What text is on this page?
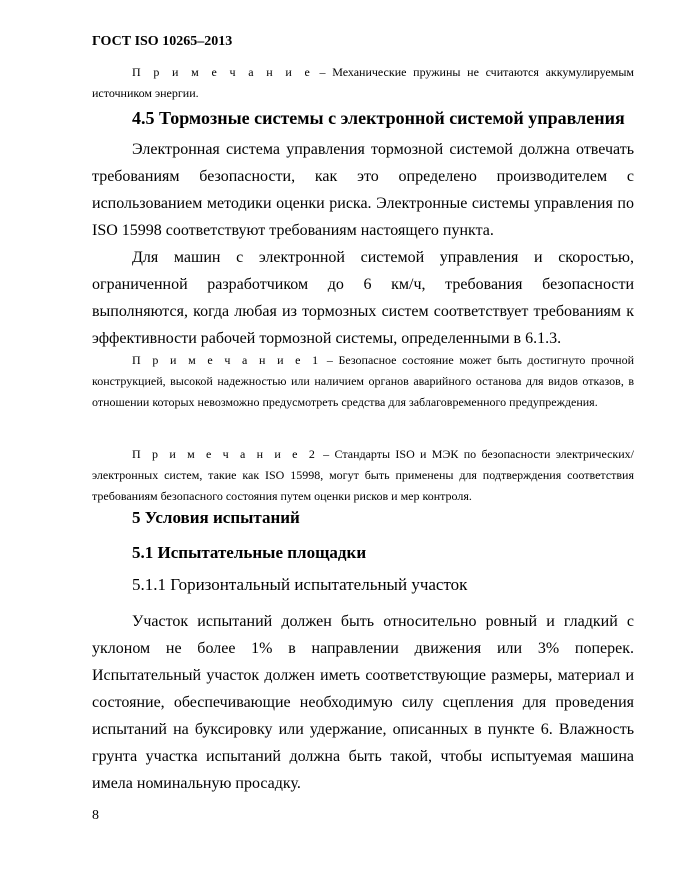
ГОСТ ISO 10265–2013
П р и м е ч а н и е – Механические пружины не считаются аккумулируемым источником энергии.
4.5 Тормозные системы с электронной системой управления
Электронная система управления тормозной системой должна отвечать требованиям безопасности, как это определено производителем с использованием методики оценки риска. Электронные системы управления по ISO 15998 соответствуют требованиям настоящего пункта.
Для машин с электронной системой управления и скоростью, ограниченной разработчиком до 6 км/ч, требования безопасности выполняются, когда любая из тормозных систем соответствует требованиям к эффективности рабочей тормозной системы, определенными в 6.1.3.
П р и м е ч а н и е 1 – Безопасное состояние может быть достигнуто прочной конструкцией, высокой надежностью или наличием органов аварийного останова для видов отказов, в отношении которых невозможно предусмотреть средства для заблаговременного предупреждения.
П р и м е ч а н и е 2 – Стандарты ISO и МЭК по безопасности электрических/электронных систем, такие как ISO 15998, могут быть применены для подтверждения соответствия требованиям безопасного состояния путем оценки рисков и мер контроля.
5 Условия испытаний
5.1 Испытательные площадки
5.1.1 Горизонтальный испытательный участок
Участок испытаний должен быть относительно ровный и гладкий с уклоном не более 1% в направлении движения или 3% поперек. Испытательный участок должен иметь соответствующие размеры, материал и состояние, обеспечивающие необходимую силу сцепления для проведения испытаний на буксировку или удержание, описанных в пункте 6. Влажность грунта участка испытаний должна быть такой, чтобы испытуемая машина имела номинальную просадку.
8
